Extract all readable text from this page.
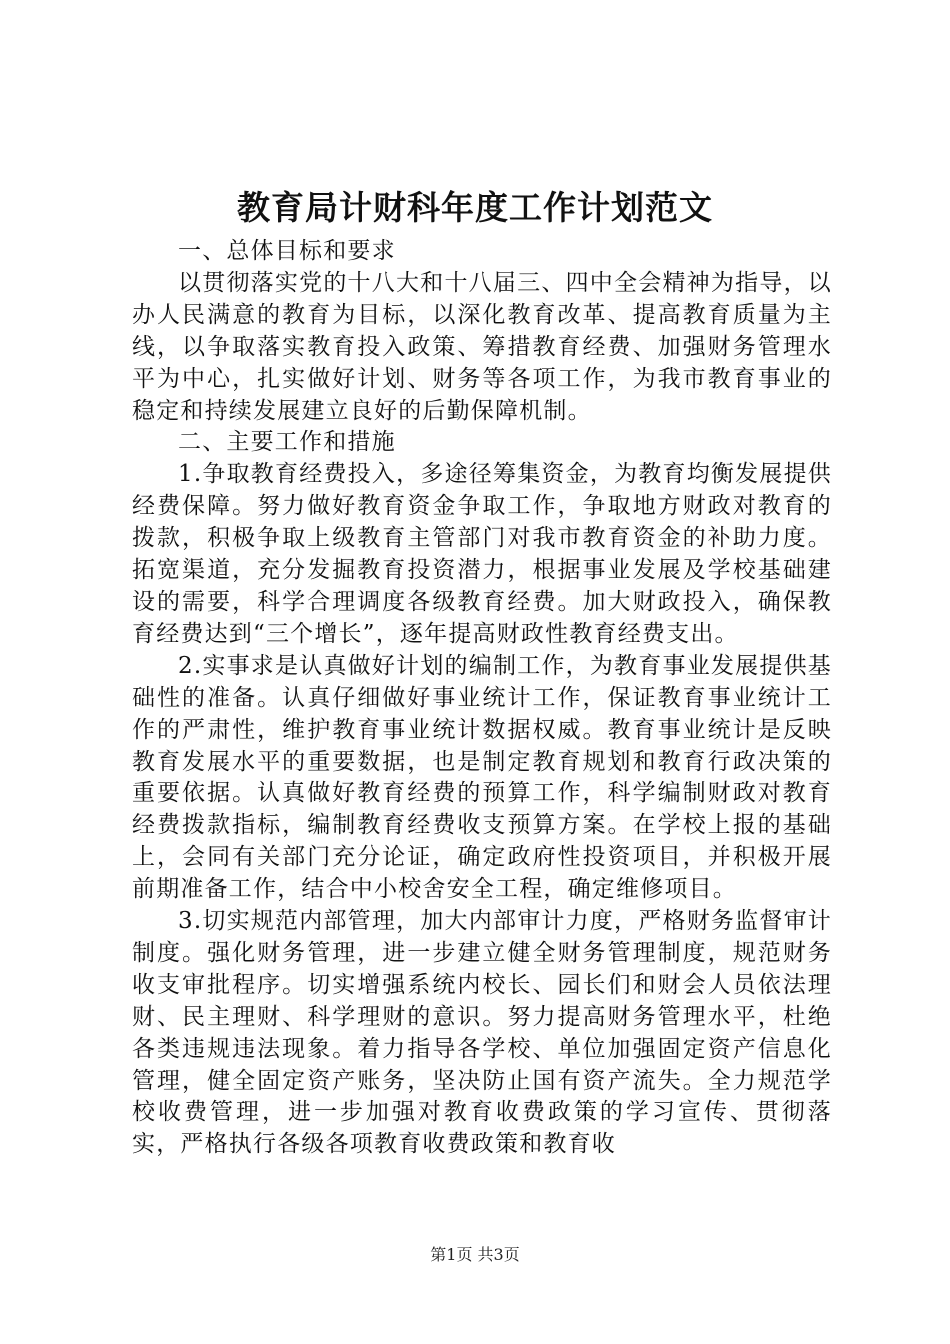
教育局计财科年度工作计划范文

一、总体目标和要求

以贯彻落实党的十八大和十八届三、四中全会精神为指导，以办人民满意的教育为目标，以深化教育改革、提高教育质量为主线，以争取落实教育投入政策、筹措教育经费、加强财务管理水平为中心，扎实做好计划、财务等各项工作，为我市教育事业的稳定和持续发展建立良好的后勤保障机制。

二、主要工作和措施

1.争取教育经费投入，多途径筹集资金，为教育均衡发展提供经费保障。努力做好教育资金争取工作，争取地方财政对教育的拨款，积极争取上级教育主管部门对我市教育资金的补助力度。拓宽渠道，充分发掘教育投资潜力，根据事业发展及学校基础建设的需要，科学合理调度各级教育经费。加大财政投入，确保教育经费达到“三个增长”，逐年提高财政性教育经费支出。

2.实事求是认真做好计划的编制工作，为教育事业发展提供基础性的准备。认真仔细做好事业统计工作，保证教育事业统计工作的严肃性，维护教育事业统计数据权威。教育事业统计是反映教育发展水平的重要数据，也是制定教育规划和教育行政决策的重要依据。认真做好教育经费的预算工作，科学编制财政对教育经费拨款指标，编制教育经费收支预算方案。在学校上报的基础上，会同有关部门充分论证，确定政府性投资项目，并积极开展前期准备工作，结合中小校舍安全工程，确定维修项目。

3.切实规范内部管理，加大内部审计力度，严格财务监督审计制度。强化财务管理，进一步建立健全财务管理制度，规范财务收支审批程序。切实增强系统内校长、园长们和财会人员依法理财、民主理财、科学理财的意识。努力提高财务管理水平，杜绝各类违规违法现象。着力指导各学校、单位加强固定资产信息化管理，健全固定资产账务，坚决防止国有资产流失。全力规范学校收费管理，进一步加强对教育收费政策的学习宣传、贯彻落实，严格执行各级各项教育收费政策和教育收

第1页 共3页
